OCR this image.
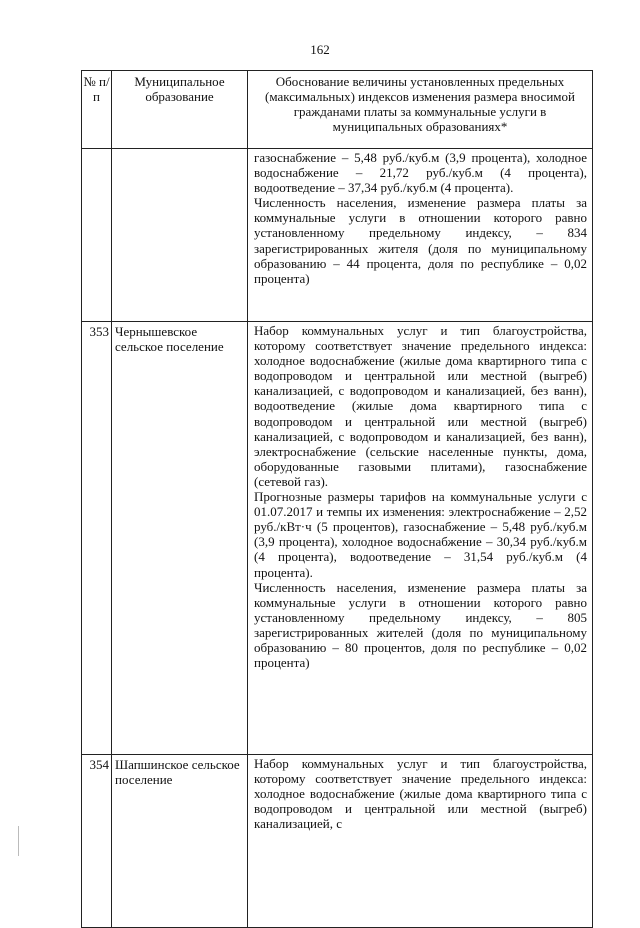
162
№ п/п	Муниципальное образование	Обоснование величины установленных предельных (максимальных) индексов изменения размера вносимой гражданами платы за коммунальные услуги в муниципальных образованиях*

		газоснабжение – 5,48 руб./куб.м (3,9 процента), холодное водоснабжение – 21,72 руб./куб.м (4 процента), водоотведение – 37,34 руб./куб.м (4 процента).

Численность населения, изменение размера платы за коммунальные услуги в отношении которого равно установленному предельному индексу, – 834 зарегистрированных жителя (доля по муниципальному образованию – 44 процента, доля по республике – 0,02 процента)

353	Чернышевское сельское поселение	Набор коммунальных услуг и тип благоустройства, которому соответствует значение предельного индекса: холодное водоснабжение (жилые дома квартирного типа с водопроводом и центральной или местной (выгреб) канализацией, с водопроводом и канализацией, без ванн), водоотведение (жилые дома квартирного типа с водопроводом и центральной или местной (выгреб) канализацией, с водопроводом и канализацией, без ванн), электроснабжение (сельские населенные пункты, дома, оборудованные газовыми плитами), газоснабжение (сетевой газ).

Прогнозные размеры тарифов на коммунальные услуги с 01.07.2017 и темпы их изменения: электроснабжение – 2,52 руб./кВт·ч (5 процентов), газоснабжение – 5,48 руб./куб.м (3,9 процента), холодное водоснабжение – 30,34 руб./куб.м (4 процента), водоотведение – 31,54 руб./куб.м (4 процента).

Численность населения, изменение размера платы за коммунальные услуги в отношении которого равно установленному предельному индексу, – 805 зарегистрированных жителей (доля по муниципальному образованию – 80 процентов, доля по республике – 0,02 процента)

354	Шапшинское сельское поселение	Набор коммунальных услуг и тип благоустройства, которому соответствует значение предельного индекса: холодное водоснабжение (жилые дома квартирного типа с водопроводом и центральной или местной (выгреб) канализацией, с
